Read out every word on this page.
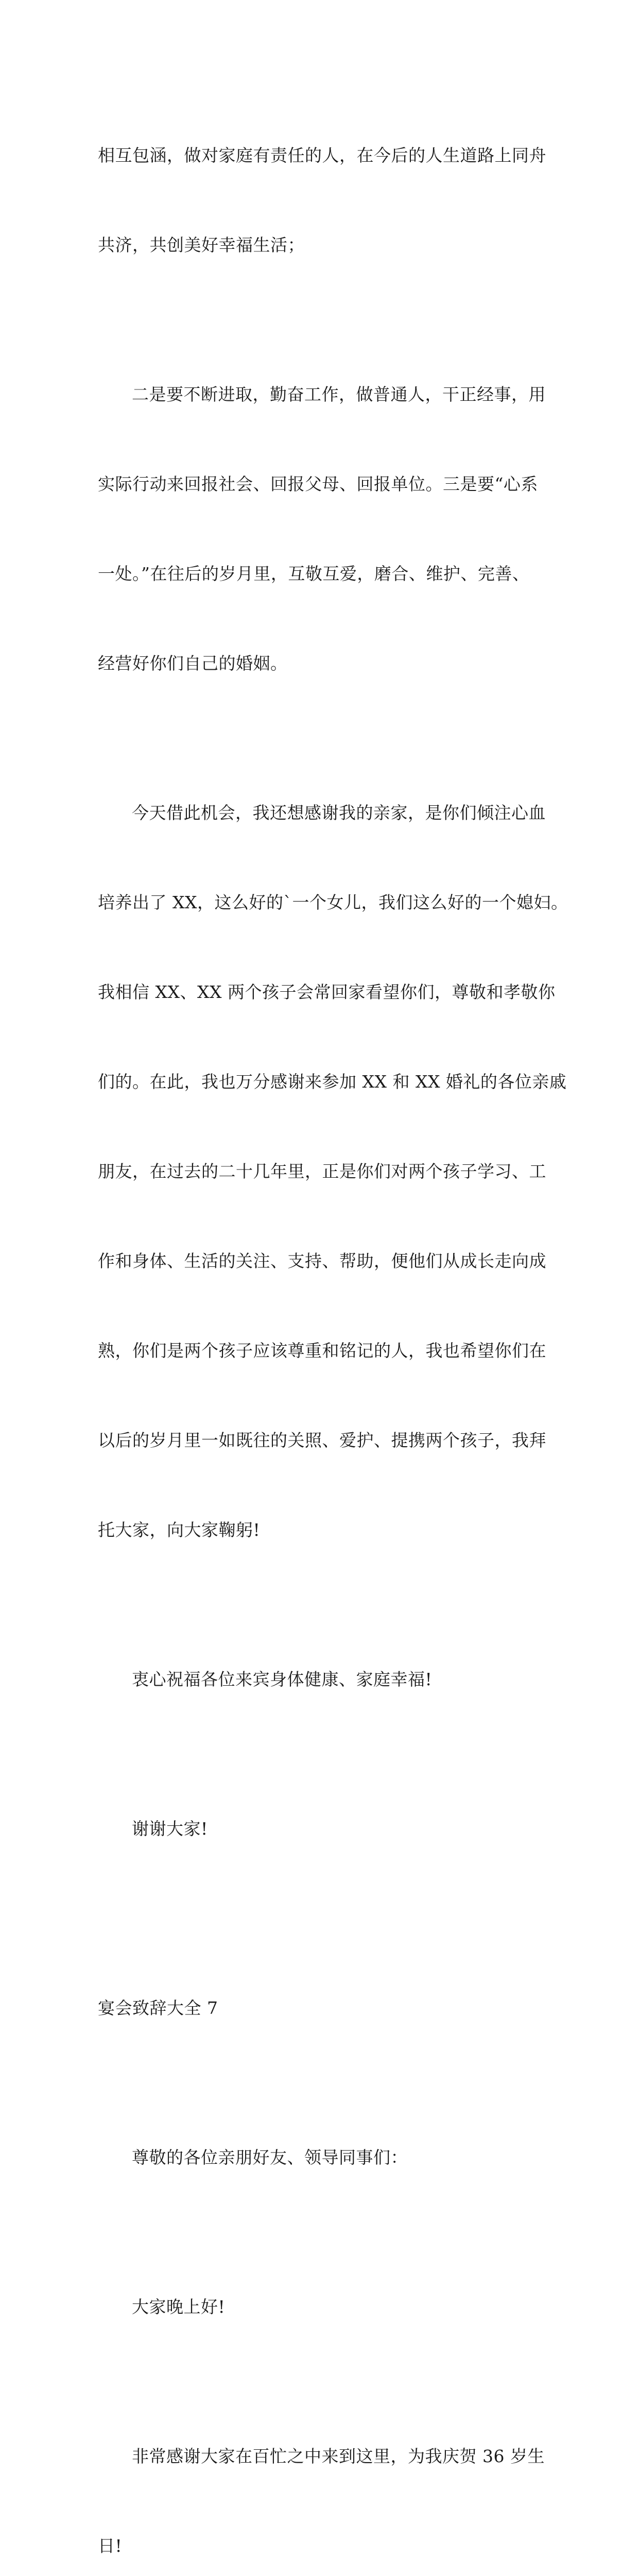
相互包涵，做对家庭有责任的人，在今后的人生道路上同舟

共济，共创美好幸福生活；

二是要不断进取，勤奋工作，做普通人，干正经事，用

实际行动来回报社会、回报父母、回报单位。三是要“心系

一处。”在往后的岁月里，互敬互爱，磨合、维护、完善、

经营好你们自己的婚姻。

今天借此机会，我还想感谢我的亲家，是你们倾注心血

培养出了 XX，这么好的`一个女儿，我们这么好的一个媳妇。

我相信 XX、XX 两个孩子会常回家看望你们，尊敬和孝敬你

们的。在此，我也万分感谢来参加 XX 和 XX 婚礼的各位亲戚

朋友，在过去的二十几年里，正是你们对两个孩子学习、工

作和身体、生活的关注、支持、帮助，便他们从成长走向成

熟，你们是两个孩子应该尊重和铭记的人，我也希望你们在

以后的岁月里一如既往的关照、爱护、提携两个孩子，我拜

托大家，向大家鞠躬!

衷心祝福各位来宾身体健康、家庭幸福!

谢谢大家!

宴会致辞大全 7

尊敬的各位亲朋好友、领导同事们：

大家晚上好!

非常感谢大家在百忙之中来到这里，为我庆贺 36 岁生

日!
